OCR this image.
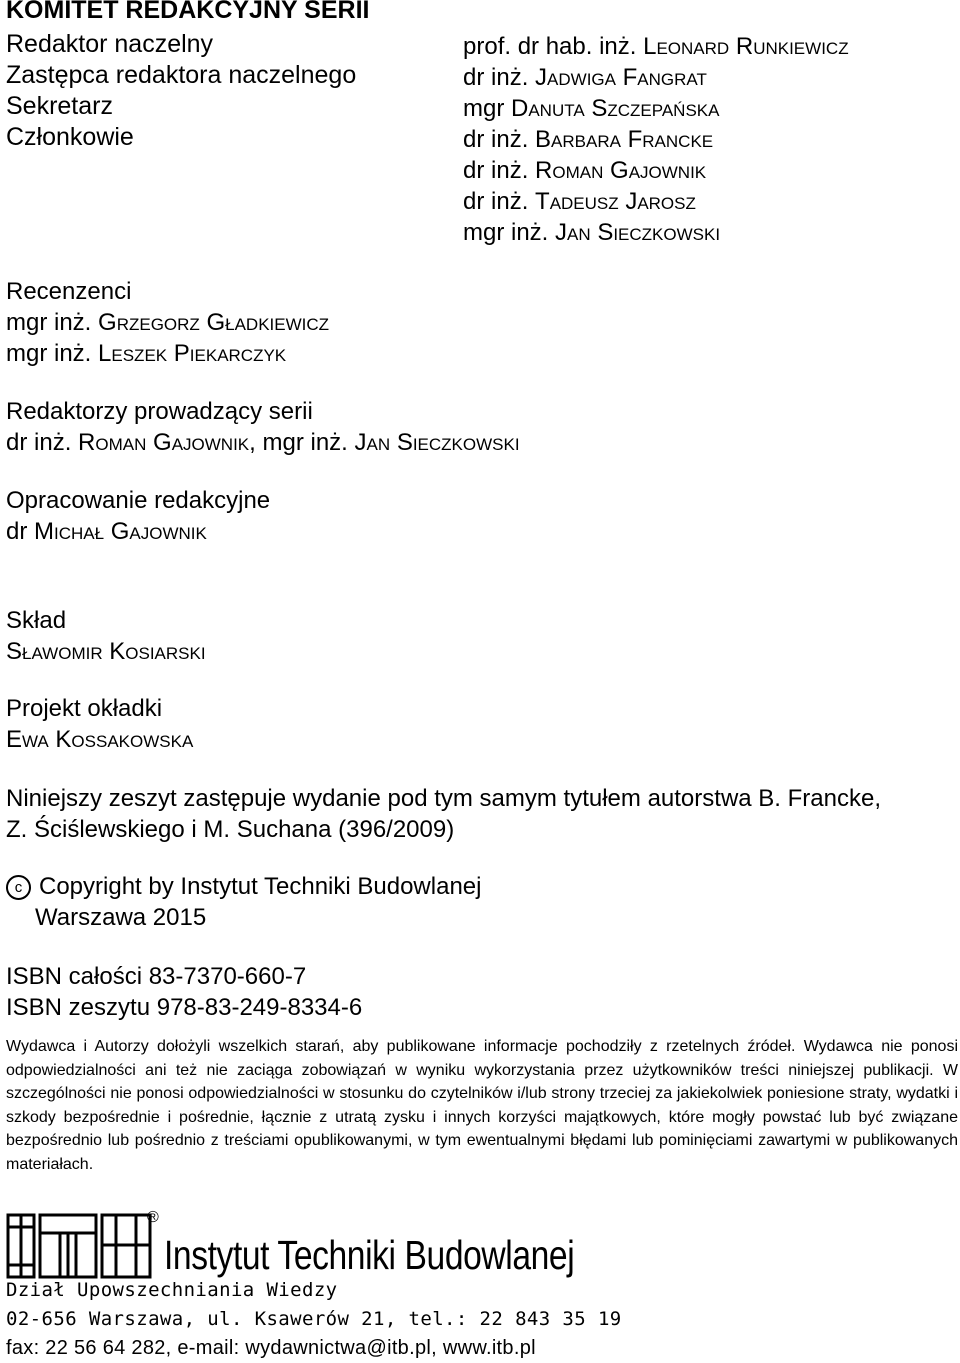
KOMITET REDAKCYJNY SERII
Redaktor naczelny
Zastępca redaktora naczelnego
Sekretarz
Członkowie
prof. dr hab. inż. Leonard Runkiewicz
dr inż. Jadwiga Fangrat
mgr Danuta Szczepańska
dr inż. Barbara Francke
dr inż. Roman Gajownik
dr inż. Tadeusz Jarosz
mgr inż. Jan Sieczkowski
Recenzenci
mgr inż. Grzegorz Gładkiewicz
mgr inż. Leszek Piekarczyk
Redaktorzy prowadzący serii
dr inż. Roman Gajownik, mgr inż. Jan Sieczkowski
Opracowanie redakcyjne
dr Michał Gajownik
Skład
Sławomir Kosiarski
Projekt okładki
Ewa Kossakowska
Niniejszy zeszyt zastępuje wydanie pod tym samym tytułem autorstwa B. Francke,
Z. Ściślewskiego i M. Suchana (396/2009)
c Copyright by Instytut Techniki Budowlanej
Warszawa 2015
ISBN całości 83-7370-660-7
ISBN zeszytu 978-83-249-8334-6
Wydawca i Autorzy dołożyli wszelkich starań, aby publikowane informacje pochodziły z rzetelnych źródeł. Wydawca nie ponosi odpowiedzialności ani też nie zaciąga zobowiązań w wyniku wykorzystania przez użytkowników treści niniejszej publikacji. W szczególności nie ponosi odpowiedzialności w stosunku do czytelników i/lub strony trzeciej za jakiekolwiek poniesione straty, wydatki i szkody bezpośrednie i pośrednie, łącznie z utratą zysku i innych korzyści majątkowych, które mogły powstać lub być związane bezpośrednio lub pośrednio z treściami opublikowanymi, w tym ewentualnymi błędami lub pominięciami zawartymi w publikowanych materiałach.
®
Instytut Techniki Budowlanej
Dział Upowszechniania Wiedzy
02-656 Warszawa, ul. Ksawerów 21, tel.: 22 843 35 19
fax: 22 56 64 282, e-mail: wydawnictwa@itb.pl, www.itb.pl
